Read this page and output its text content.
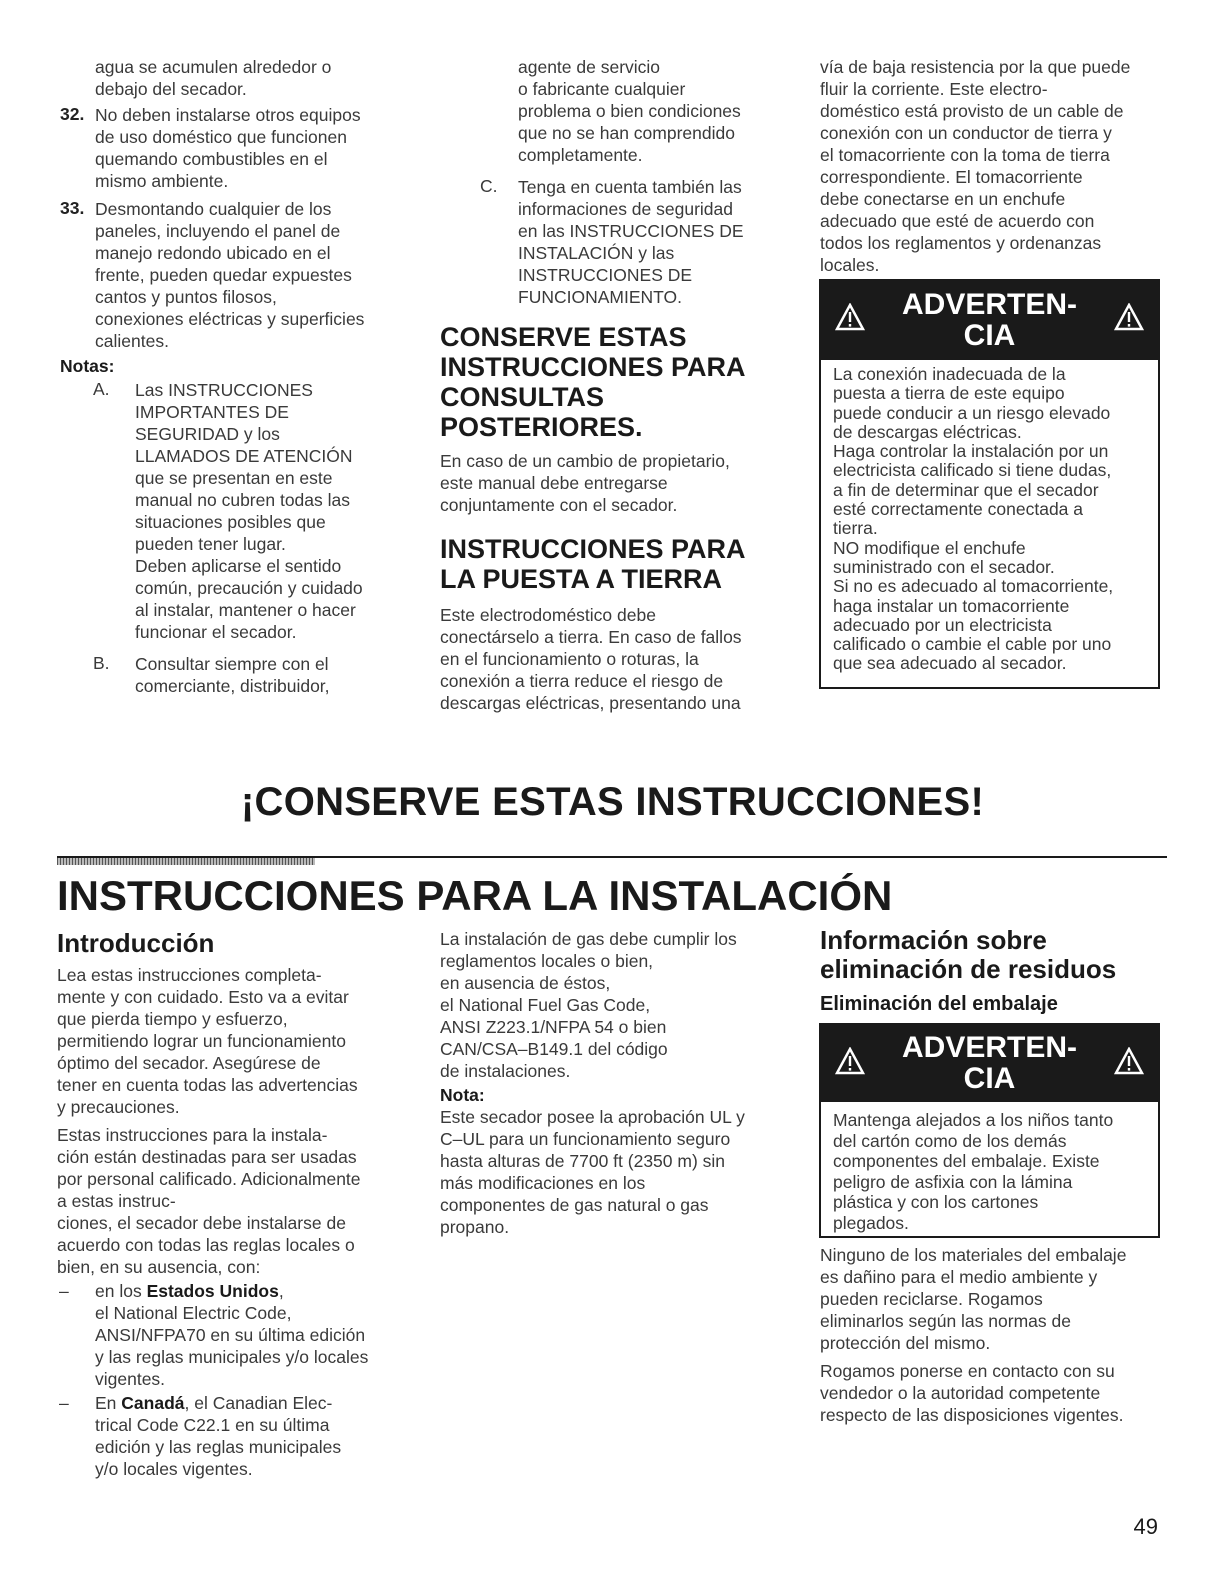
agua se acumulen alrededor o
debajo del secador.
32. No deben instalarse otros equipos
de uso doméstico que funcionen
quemando combustibles en el
mismo ambiente.
33. Desmontando cualquier de los
paneles, incluyendo el panel de
manejo redondo ubicado en el
frente, pueden quedar expuestes
cantos y puntos filosos,
conexiones eléctricas y superficies
calientes.
Notas:
A. Las INSTRUCCIONES
IMPORTANTES DE
SEGURIDAD y los
LLAMADOS DE ATENCIÓN
que se presentan en este
manual no cubren todas las
situaciones posibles que
pueden tener lugar.
Deben aplicarse el sentido
común, precaución y cuidado
al instalar, mantener o hacer
funcionar el secador.
B. Consultar siempre con el
comerciante, distribuidor,
agente de servicio
o fabricante cualquier
problema o bien condiciones
que no se han comprendido
completamente.
C. Tenga en cuenta también las
informaciones de seguridad
en las INSTRUCCIONES DE
INSTALACIÓN y las
INSTRUCCIONES DE
FUNCIONAMIENTO.
CONSERVE ESTAS
INSTRUCCIONES PARA
CONSULTAS
POSTERIORES.
En caso de un cambio de propietario,
este manual debe entregarse
conjuntamente con el secador.
INSTRUCCIONES PARA
LA PUESTA A TIERRA
Este electrodoméstico debe
conectárselo a tierra. En caso de fallos
en el funcionamiento o roturas, la
conexión a tierra reduce el riesgo de
descargas eléctricas, presentando una
vía de baja resistencia por la que puede
fluir la corriente. Este electro-
doméstico está provisto de un cable de
conexión con un conductor de tierra y
el tomacorriente con la toma de tierra
correspondiente. El tomacorriente
debe conectarse en un enchufe
adecuado que esté de acuerdo con
todos los reglamentos y ordenanzas
locales.
ADVERTEN-
CIA
La conexión inadecuada de la
puesta a tierra de este equipo
puede conducir a un riesgo elevado
de descargas eléctricas.
Haga controlar la instalación por un
electricista calificado si tiene dudas,
a fin de determinar que el secador
esté correctamente conectada a
tierra.
NO modifique el enchufe
suministrado con el secador.
Si no es adecuado al tomacorriente,
haga instalar un tomacorriente
adecuado por un electricista
calificado o cambie el cable por uno
que sea adecuado al secador.
¡CONSERVE ESTAS INSTRUCCIONES!
INSTRUCCIONES PARA LA INSTALACIÓN
Introducción
Lea estas instrucciones completa-
mente y con cuidado. Esto va a evitar
que pierda tiempo y esfuerzo,
permitiendo lograr un funcionamiento
óptimo del secador. Asegúrese de
tener en cuenta todas las advertencias
y precauciones.
Estas instrucciones para la instala-
ción están destinadas para ser usadas
por personal calificado. Adicionalmente
a estas instruc-
ciones, el secador debe instalarse de
acuerdo con todas las reglas locales o
bien, en su ausencia, con:
– en los Estados Unidos,
el National Electric Code,
ANSI/NFPA70 en su última edición
y las reglas municipales y/o locales
vigentes.
– En Canadá, el Canadian Elec-
trical Code C22.1 en su última
edición y las reglas municipales
y/o locales vigentes.
La instalación de gas debe cumplir los
reglamentos locales o bien,
en ausencia de éstos,
el National Fuel Gas Code,
ANSI Z223.1/NFPA 54 o bien
CAN/CSA–B149.1 del código
de instalaciones.
Nota:
Este secador posee la aprobación UL y
C–UL para un funcionamiento seguro
hasta alturas de 7700 ft (2350 m) sin
más modificaciones en los
componentes de gas natural o gas
propano.
Información sobre
eliminación de residuos
Eliminación del embalaje
ADVERTEN-
CIA
Mantenga alejados a los niños tanto
del cartón como de los demás
componentes del embalaje. Existe
peligro de asfixia con la lámina
plástica y con los cartones
plegados.
Ninguno de los materiales del embalaje
es dañino para el medio ambiente y
pueden reciclarse. Rogamos
eliminarlos según las normas de
protección del mismo.
Rogamos ponerse en contacto con su
vendedor o la autoridad competente
respecto de las disposiciones vigentes.
49
